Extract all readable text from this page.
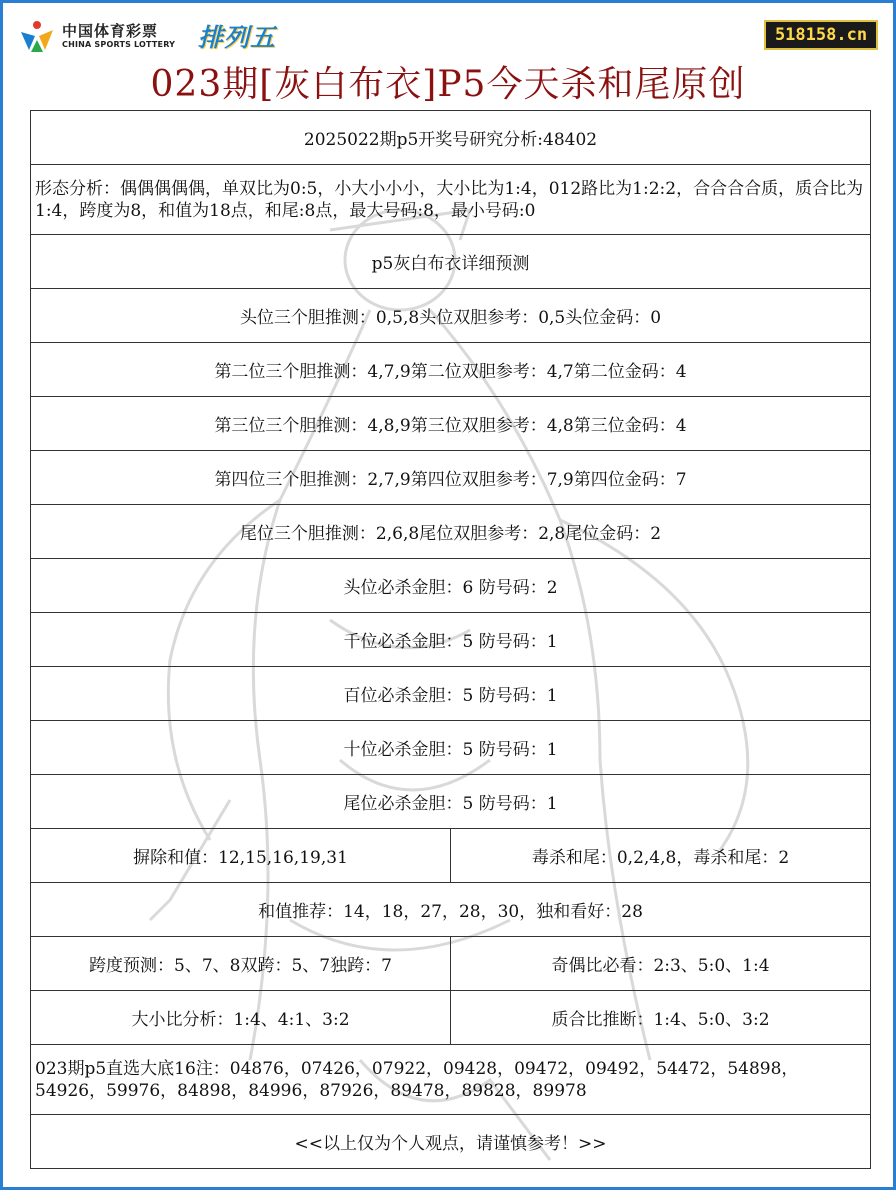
中国体育彩票
CHINA SPORTS LOTTERY 排列五	518158.cn
023期[灰白布衣]P5今天杀和尾原创
2025022期p5开奖号研究分析:48402	
形态分析：偶偶偶偶偶，单双比为0:5，小大小小小，大小比为1:4，012路比为1:2:2，合合合合质，质合比为1:4，跨度为8，和值为18点，和尾:8点，最大号码:8，最小号码:0	
p5灰白布衣详细预测	
头位三个胆推测：0,5,8头位双胆参考：0,5头位金码：0	
第二位三个胆推测：4,7,9第二位双胆参考：4,7第二位金码：4	
第三位三个胆推测：4,8,9第三位双胆参考：4,8第三位金码：4	
第四位三个胆推测：2,7,9第四位双胆参考：7,9第四位金码：7	
尾位三个胆推测：2,6,8尾位双胆参考：2,8尾位金码：2	
头位必杀金胆：6 防号码：2	
千位必杀金胆：5 防号码：1	
百位必杀金胆：5 防号码：1	
十位必杀金胆：5 防号码：1	
尾位必杀金胆：5 防号码：1	
摒除和值：12,15,16,19,31	毒杀和尾：0,2,4,8，毒杀和尾：2
和值推荐：14，18，27，28，30，独和看好：28	
跨度预测：5、7、8双跨：5、7独跨：7	奇偶比必看：2:3、5:0、1:4
大小比分析：1:4、4:1、3:2	质合比推断：1:4、5:0、3:2
023期p5直选大底16注：04876，07426，07922，09428，09472，09492，54472，54898，54926，59976，84898，84996，87926，89478，89828，89978	
<<以上仅为个人观点，请谨慎参考！>>	
